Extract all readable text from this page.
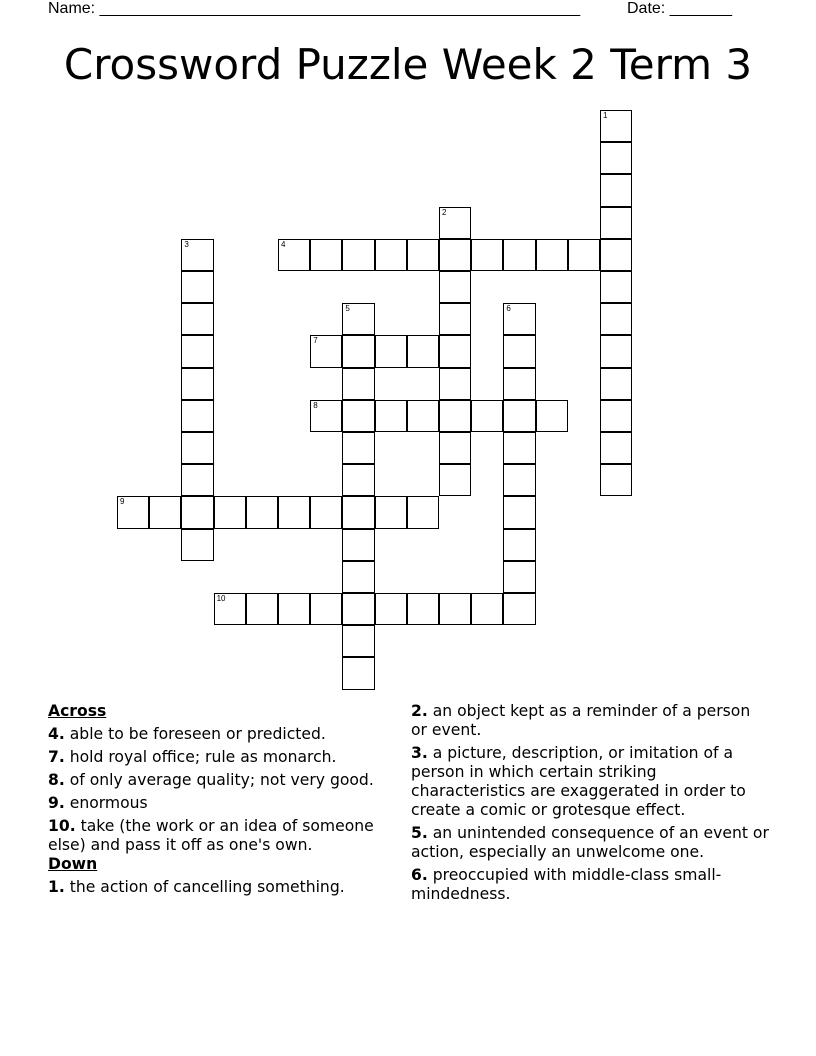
Name: ______________________________________________________

	Date: _______

Crossword Puzzle Week 2 Term 3
1
2
3	4
5	6
7
8
9
10
Across
4. able to be foreseen or predicted.
7. hold royal office; rule as monarch.
8. of only average quality; not very good.
9. enormous
10. take (the work or an idea of someone else) and pass it off as one's own.
Down
1. the action of cancelling something.
2. an object kept as a reminder of a person or event.
3. a picture, description, or imitation of a person in which certain striking characteristics are exaggerated in order to create a comic or grotesque effect.
5. an unintended consequence of an event or action, especially an unwelcome one.
6. preoccupied with middle-class small-mindedness.
